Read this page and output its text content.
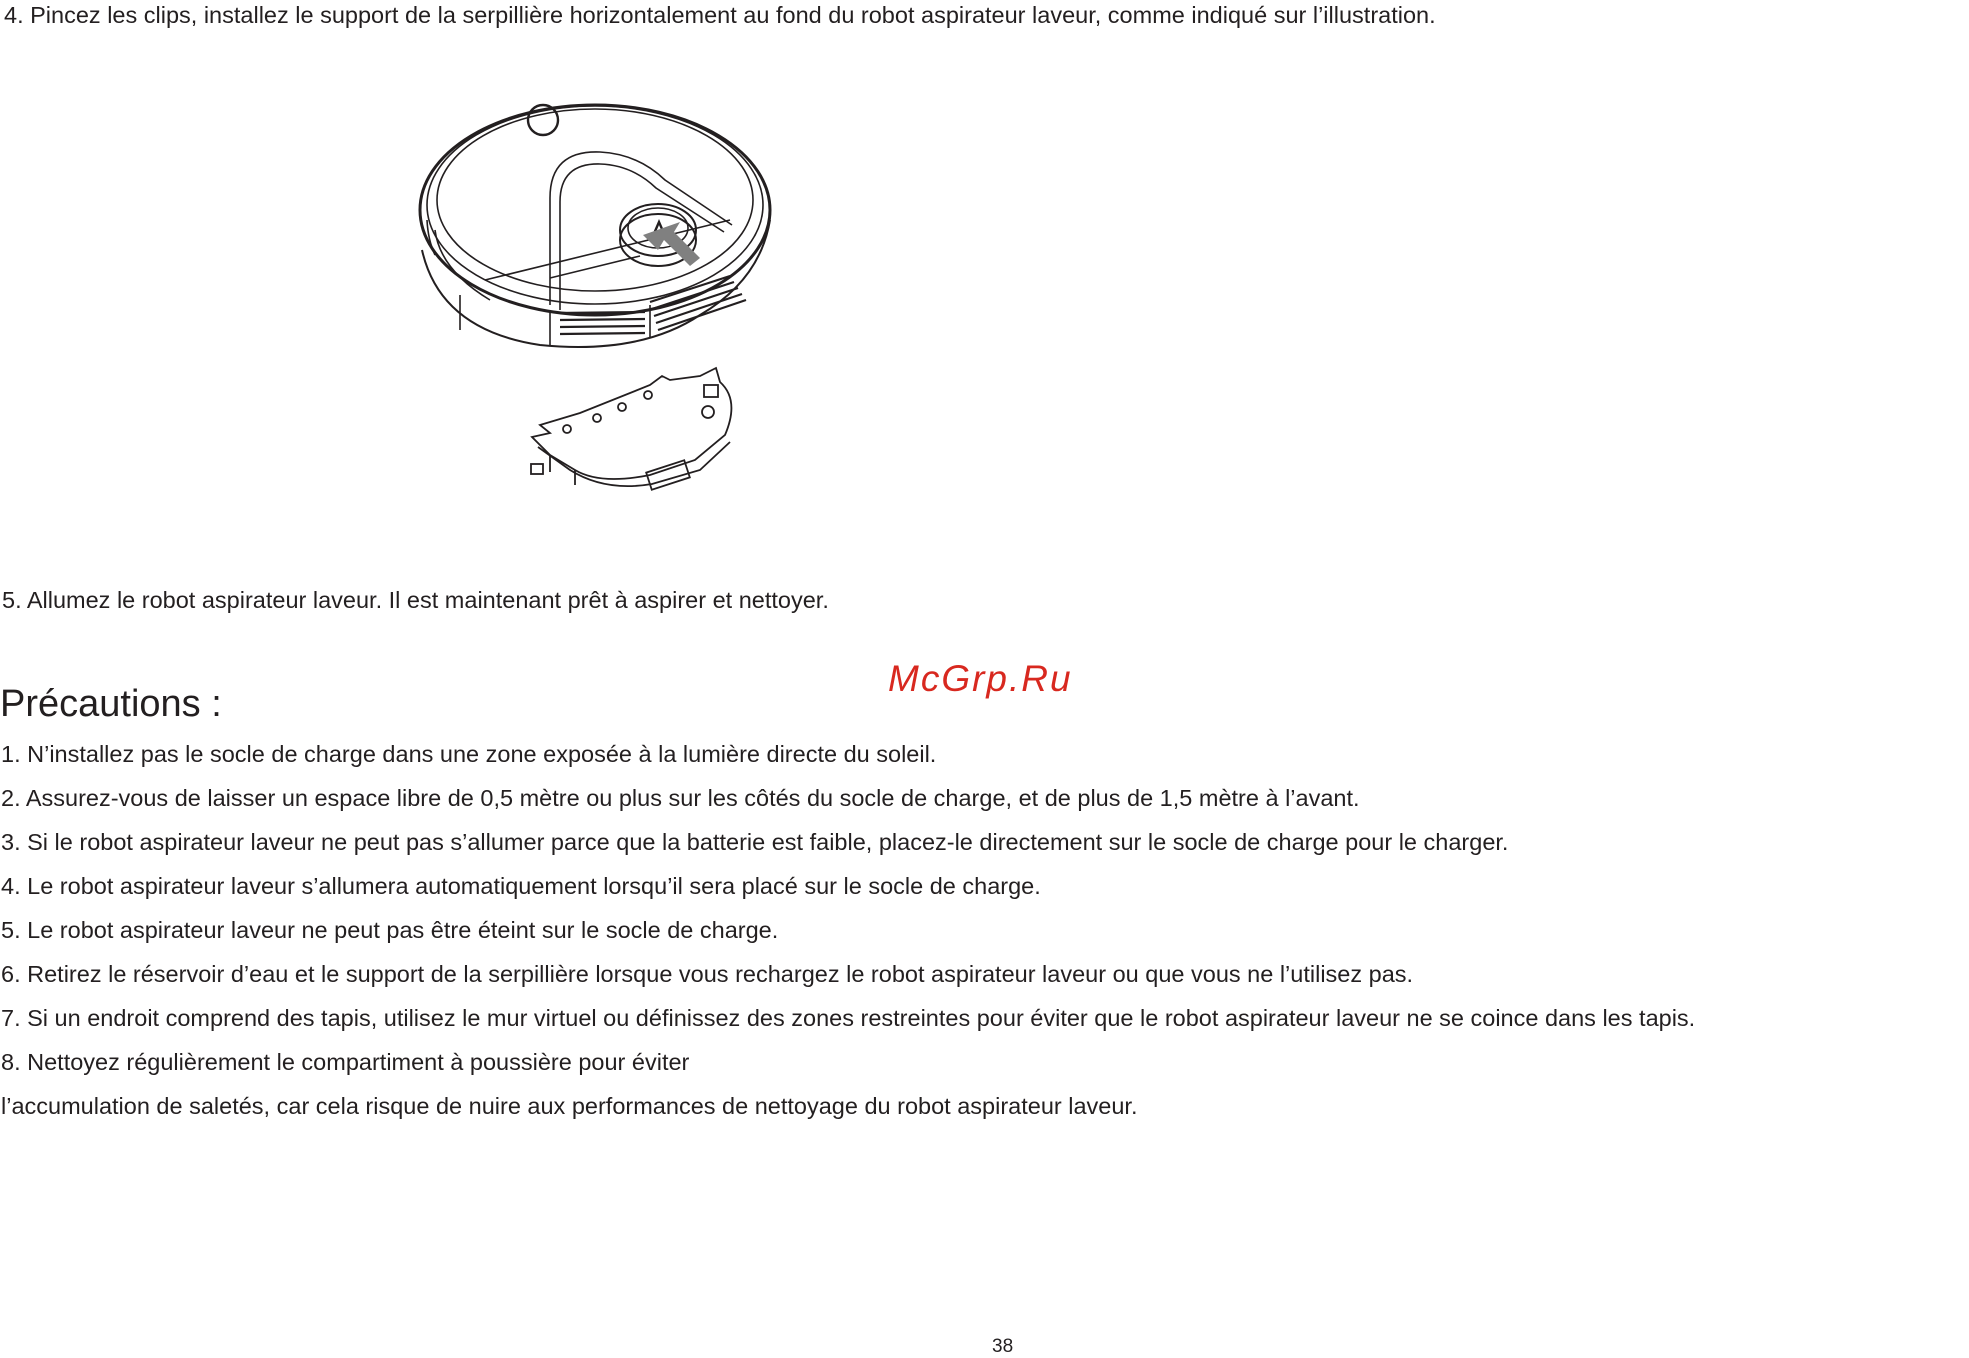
4. Pincez les clips, installez le support de la serpillière horizontalement au fond du robot aspirateur laveur, comme indiqué sur l’illustration.
5. Allumez le robot aspirateur laveur. Il est maintenant prêt à aspirer et nettoyer.
McGrp.Ru
Précautions :
1. N’installez pas le socle de charge dans une zone exposée à la lumière directe du soleil.
2. Assurez-vous de laisser un espace libre de 0,5 mètre ou plus sur les côtés du socle de charge, et de plus de 1,5 mètre à l’avant.
3. Si le robot aspirateur laveur ne peut pas s’allumer parce que la batterie est faible, placez-le directement sur le socle de charge pour le charger.
4. Le robot aspirateur laveur s’allumera automatiquement lorsqu’il sera placé sur le socle de charge.
5. Le robot aspirateur laveur ne peut pas être éteint sur le socle de charge.
6. Retirez le réservoir d’eau et le support de la serpillière lorsque vous rechargez le robot aspirateur laveur ou que vous ne l’utilisez pas.
7. Si un endroit comprend des tapis, utilisez le mur virtuel ou définissez des zones restreintes pour éviter que le robot aspirateur laveur ne se coince dans les tapis.
8. Nettoyez régulièrement le compartiment à poussière pour éviter
l’accumulation de saletés, car cela risque de nuire aux performances de nettoyage du robot aspirateur laveur.
38
